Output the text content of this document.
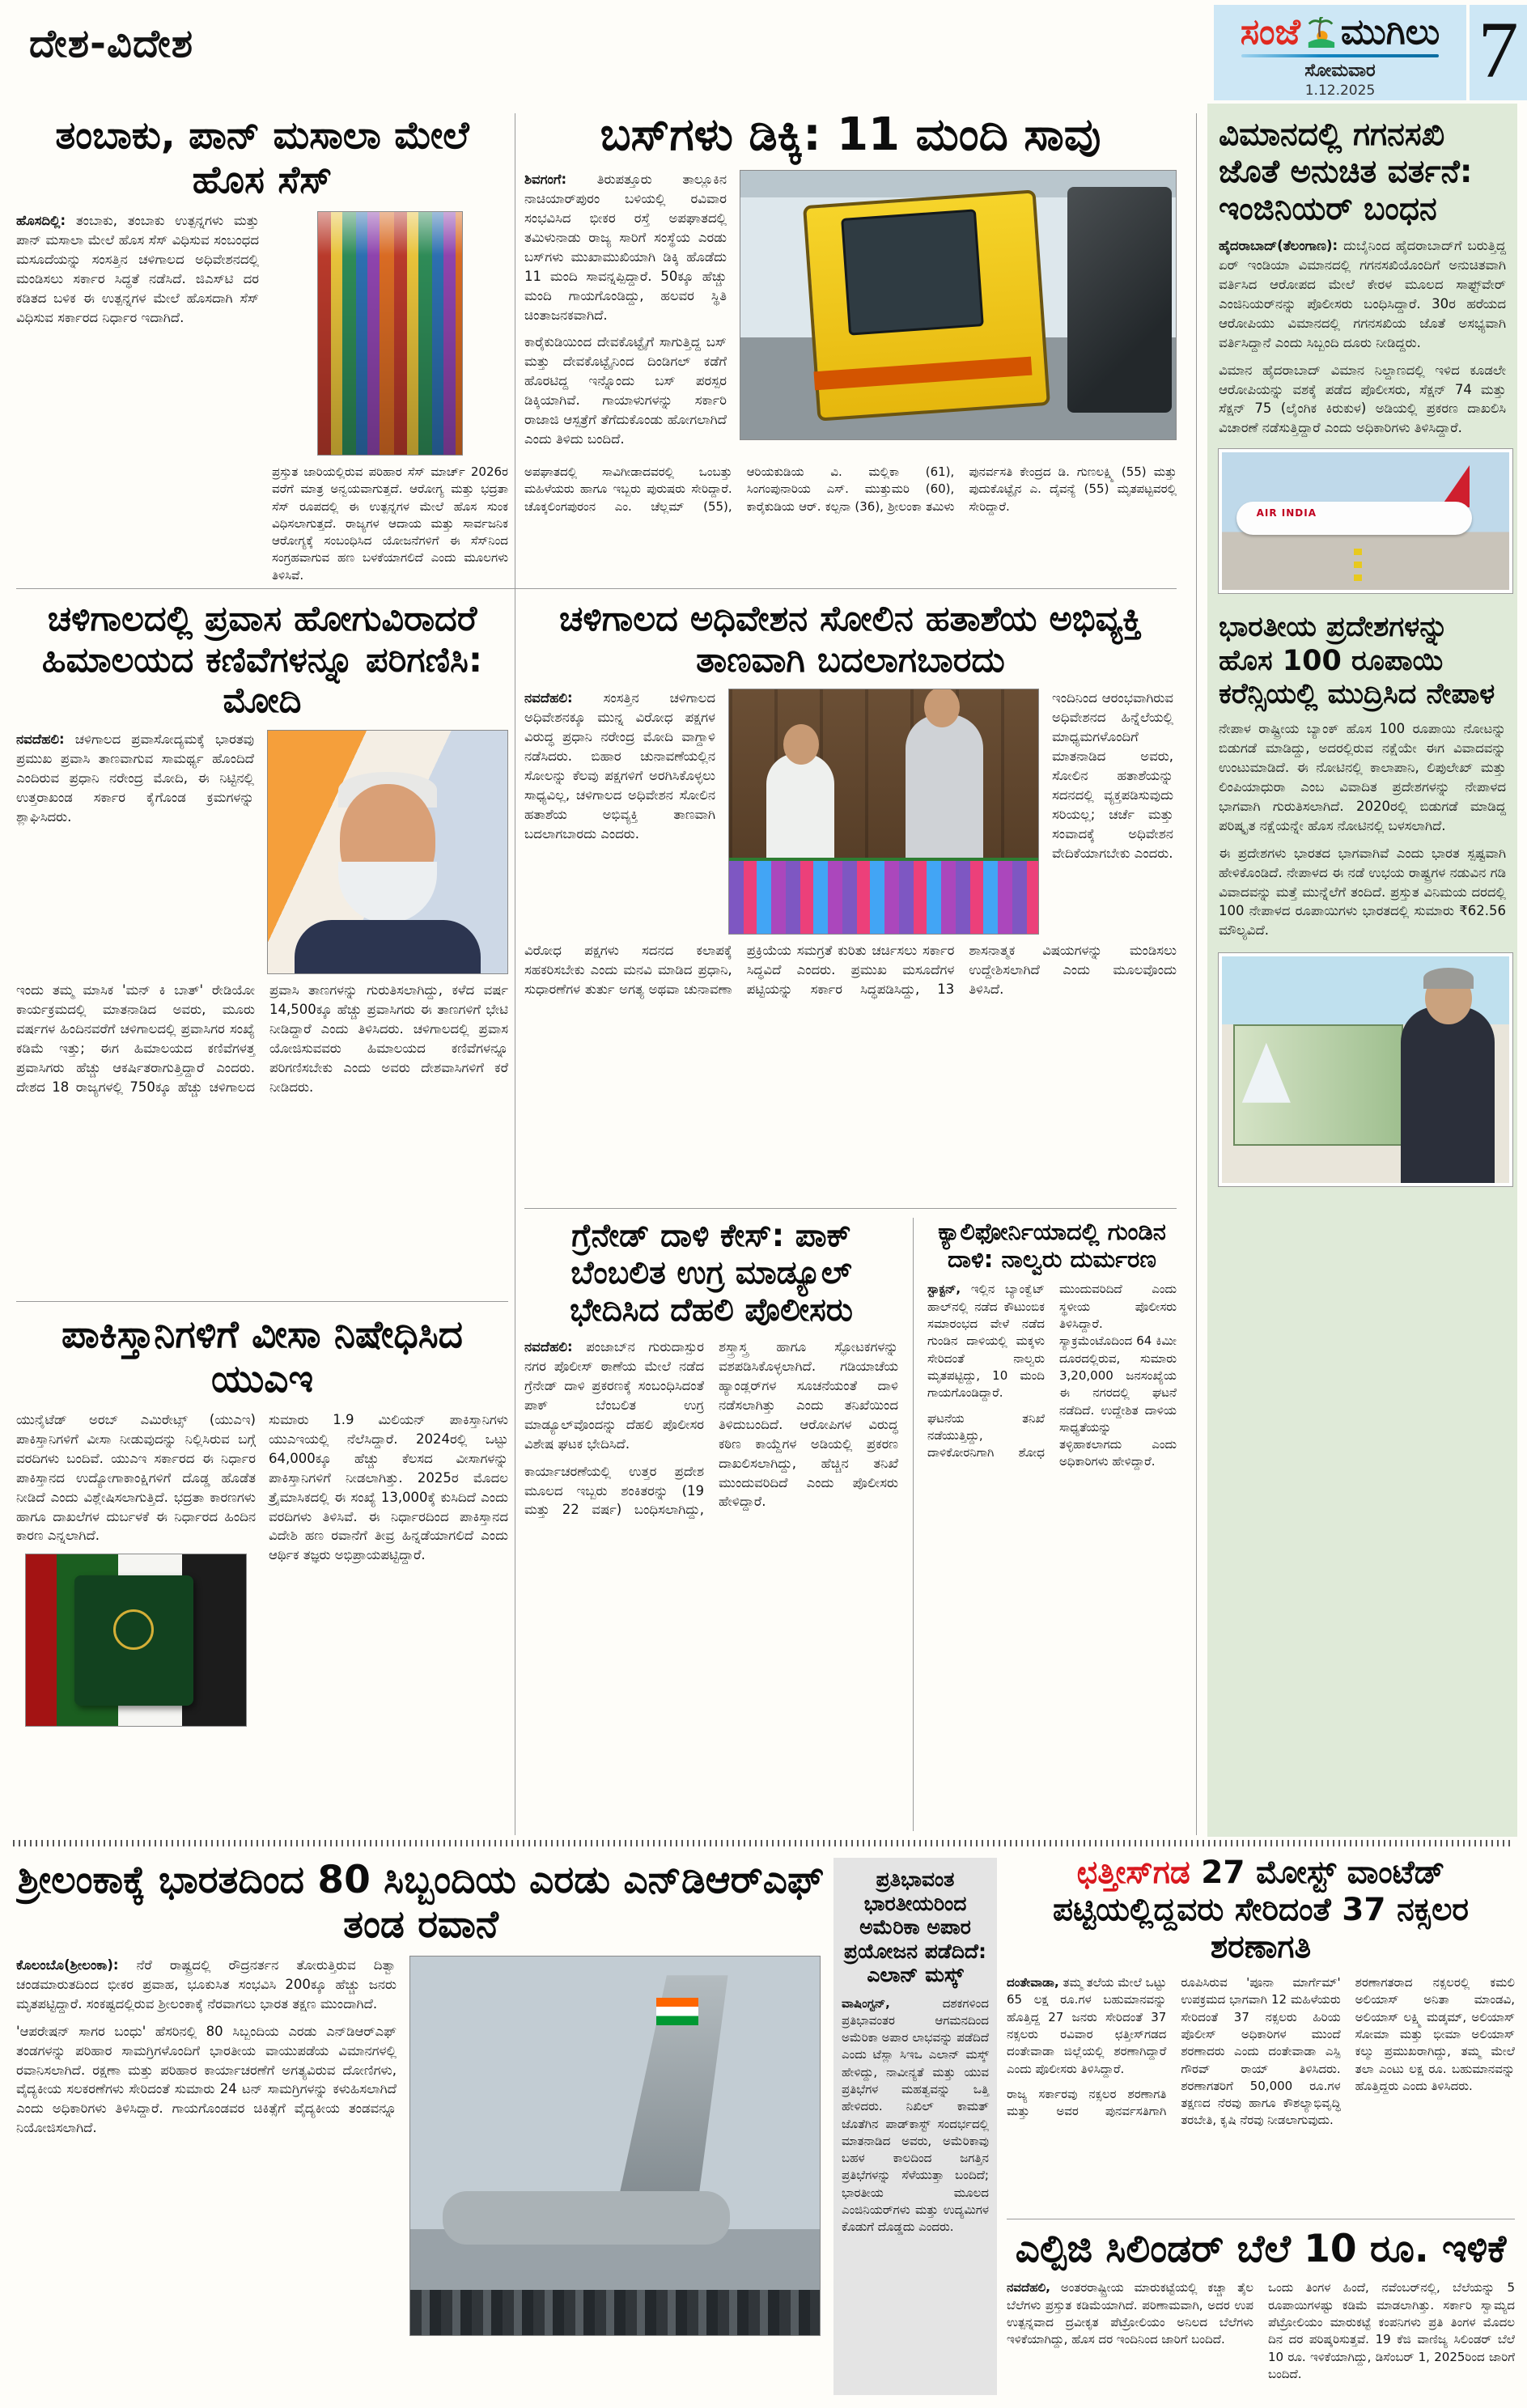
ದೇಶ-ವಿದೇಶ	ಸಂಜೆ ಮುಗಿಲು
ಸೋಮವಾರ
1.12.2025	7
ತಂಬಾಕು, ಪಾನ್ ಮಸಾಲಾ ಮೇಲೆ ಹೊಸ ಸೆಸ್

ಹೊಸದಿಲ್ಲಿ: ತಂಬಾಕು, ತಂಬಾಕು ಉತ್ಪನ್ನಗಳು ಮತ್ತು ಪಾನ್ ಮಸಾಲಾ ಮೇಲೆ ಹೊಸ ಸೆಸ್ ವಿಧಿಸುವ ಸಂಬಂಧದ ಮಸೂದೆಯನ್ನು ಸಂಸತ್ತಿನ ಚಳಿಗಾಲದ ಅಧಿವೇಶನದಲ್ಲಿ ಮಂಡಿಸಲು ಸರ್ಕಾರ ಸಿದ್ಧತೆ ನಡೆಸಿದೆ. ಜಿಎಸ್‌ಟಿ ದರ ಕಡಿತದ ಬಳಿಕ ಈ ಉತ್ಪನ್ನಗಳ ಮೇಲೆ ಹೊಸದಾಗಿ ಸೆಸ್ ವಿಧಿಸುವ ಸರ್ಕಾರದ ನಿರ್ಧಾರ ಇದಾಗಿದೆ.

ಪ್ರಸ್ತುತ ಜಾರಿಯಲ್ಲಿರುವ ಪರಿಹಾರ ಸೆಸ್ ಮಾರ್ಚ್ 2026ರ ವರೆಗೆ ಮಾತ್ರ ಅನ್ವಯವಾಗುತ್ತದೆ. ಆರೋಗ್ಯ ಮತ್ತು ಭದ್ರತಾ ಸೆಸ್ ರೂಪದಲ್ಲಿ ಈ ಉತ್ಪನ್ನಗಳ ಮೇಲೆ ಹೊಸ ಸುಂಕ ವಿಧಿಸಲಾಗುತ್ತದೆ. ರಾಜ್ಯಗಳ ಆದಾಯ ಮತ್ತು ಸಾರ್ವಜನಿಕ ಆರೋಗ್ಯಕ್ಕೆ ಸಂಬಂಧಿಸಿದ ಯೋಜನೆಗಳಿಗೆ ಈ ಸೆಸ್‌ನಿಂದ ಸಂಗ್ರಹವಾಗುವ ಹಣ ಬಳಕೆಯಾಗಲಿದೆ ಎಂದು ಮೂಲಗಳು ತಿಳಿಸಿವೆ.

ಬಸ್‌ಗಳು ಡಿಕ್ಕಿ: 11 ಮಂದಿ ಸಾವು

ಶಿವಗಂಗೆ: ತಿರುಪತ್ತೂರು ತಾಲ್ಲೂಕಿನ ನಾಚಿಯಾರ್‌ಪುರಂ ಬಳಿಯಲ್ಲಿ ರವಿವಾರ ಸಂಭವಿಸಿದ ಭೀಕರ ರಸ್ತೆ ಅಪಘಾತದಲ್ಲಿ ತಮಿಳುನಾಡು ರಾಜ್ಯ ಸಾರಿಗೆ ಸಂಸ್ಥೆಯ ಎರಡು ಬಸ್‌ಗಳು ಮುಖಾಮುಖಿಯಾಗಿ ಡಿಕ್ಕಿ ಹೊಡೆದು 11 ಮಂದಿ ಸಾವನ್ನಪ್ಪಿದ್ದಾರೆ. 50ಕ್ಕೂ ಹೆಚ್ಚು ಮಂದಿ ಗಾಯಗೊಂಡಿದ್ದು, ಹಲವರ ಸ್ಥಿತಿ ಚಿಂತಾಜನಕವಾಗಿದೆ.

ಕಾರೈಕುಡಿಯಿಂದ ದೇವಕೊಟ್ಟೈಗೆ ಸಾಗುತ್ತಿದ್ದ ಬಸ್ ಮತ್ತು ದೇವಕೊಟ್ಟೈನಿಂದ ದಿಂಡಿಗಲ್ ಕಡೆಗೆ ಹೊರಟಿದ್ದ ಇನ್ನೊಂದು ಬಸ್ ಪರಸ್ಪರ ಡಿಕ್ಕಿಯಾಗಿವೆ. ಗಾಯಾಳುಗಳನ್ನು ಸರ್ಕಾರಿ ರಾಜಾಜಿ ಆಸ್ಪತ್ರೆಗೆ ತೆಗೆದುಕೊಂಡು ಹೋಗಲಾಗಿದೆ ಎಂದು ತಿಳಿದು ಬಂದಿದೆ.

ಅಪಘಾತದಲ್ಲಿ ಸಾವಿಗೀಡಾದವರಲ್ಲಿ ಒಂಬತ್ತು ಮಹಿಳೆಯರು ಹಾಗೂ ಇಬ್ಬರು ಪುರುಷರು ಸೇರಿದ್ದಾರೆ. ಚೊಕ್ಕಲಿಂಗಪುರಂನ ಎಂ. ಚೆಲ್ಲಮ್ (55), ಆರಿಯಕುಡಿಯ ವಿ. ಮಲ್ಲಿಕಾ (61), ಸಿಂಗಂಪುನಾರಿಯ ಎಸ್. ಮುತ್ತುಮರಿ (60), ಕಾರೈಕುಡಿಯ ಆರ್. ಕಲ್ಪನಾ (36), ಶ್ರೀಲಂಕಾ ತಮಿಳು ಪುನರ್ವಸತಿ ಕೇಂದ್ರದ ಡಿ. ಗುಣಲಕ್ಷ್ಮಿ (55) ಮತ್ತು ಪುದುಕೊಟ್ಟೈನ ಎ. ದೈವನ್ಯೆ (55) ಮೃತಪಟ್ಟವರಲ್ಲಿ ಸೇರಿದ್ದಾರೆ.
ವಿಮಾನದಲ್ಲಿ ಗಗನಸಖಿ ಜೊತೆ ಅನುಚಿತ ವರ್ತನೆ: ಇಂಜಿನಿಯರ್ ಬಂಧನ

ಹೈದರಾಬಾದ್(ತೆಲಂಗಾಣ): ದುಬೈನಿಂದ ಹೈದರಾಬಾದ್‌ಗೆ ಬರುತ್ತಿದ್ದ ಏರ್ ಇಂಡಿಯಾ ವಿಮಾನದಲ್ಲಿ ಗಗನಸಖಿಯೊಂದಿಗೆ ಅನುಚಿತವಾಗಿ ವರ್ತಿಸಿದ ಆರೋಪದ ಮೇಲೆ ಕೇರಳ ಮೂಲದ ಸಾಫ್ಟ್‌ವೇರ್ ಎಂಜಿನಿಯರ್‌ನನ್ನು ಪೊಲೀಸರು ಬಂಧಿಸಿದ್ದಾರೆ. 30ರ ಹರೆಯದ ಆರೋಪಿಯು ವಿಮಾನದಲ್ಲಿ ಗಗನಸಖಿಯ ಜೊತೆ ಅಸಭ್ಯವಾಗಿ ವರ್ತಿಸಿದ್ದಾನೆ ಎಂದು ಸಿಬ್ಬಂದಿ ದೂರು ನೀಡಿದ್ದರು.

ವಿಮಾನ ಹೈದರಾಬಾದ್ ವಿಮಾನ ನಿಲ್ದಾಣದಲ್ಲಿ ಇಳಿದ ಕೂಡಲೇ ಆರೋಪಿಯನ್ನು ವಶಕ್ಕೆ ಪಡೆದ ಪೊಲೀಸರು, ಸೆಕ್ಷನ್ 74 ಮತ್ತು ಸೆಕ್ಷನ್ 75 (ಲೈಂಗಿಕ ಕಿರುಕುಳ) ಅಡಿಯಲ್ಲಿ ಪ್ರಕರಣ ದಾಖಲಿಸಿ ವಿಚಾರಣೆ ನಡೆಸುತ್ತಿದ್ದಾರೆ ಎಂದು ಅಧಿಕಾರಿಗಳು ತಿಳಿಸಿದ್ದಾರೆ.

AIR INDIA
ಭಾರತೀಯ ಪ್ರದೇಶಗಳನ್ನು ಹೊಸ 100 ರೂಪಾಯಿ ಕರೆನ್ಸಿಯಲ್ಲಿ ಮುದ್ರಿಸಿದ ನೇಪಾಳ

ನೇಪಾಳ ರಾಷ್ಟ್ರೀಯ ಬ್ಯಾಂಕ್ ಹೊಸ 100 ರೂಪಾಯಿ ನೋಟನ್ನು ಬಿಡುಗಡೆ ಮಾಡಿದ್ದು, ಅದರಲ್ಲಿರುವ ನಕ್ಷೆಯೇ ಈಗ ವಿವಾದವನ್ನು ಉಂಟುಮಾಡಿದೆ. ಈ ನೋಟಿನಲ್ಲಿ ಕಾಲಾಪಾನಿ, ಲಿಪುಲೇಖ್ ಮತ್ತು ಲಿಂಪಿಯಾಧುರಾ ಎಂಬ ವಿವಾದಿತ ಪ್ರದೇಶಗಳನ್ನು ನೇಪಾಳದ ಭಾಗವಾಗಿ ಗುರುತಿಸಲಾಗಿದೆ. 2020ರಲ್ಲಿ ಬಿಡುಗಡೆ ಮಾಡಿದ್ದ ಪರಿಷ್ಕೃತ ನಕ್ಷೆಯನ್ನೇ ಹೊಸ ನೋಟಿನಲ್ಲಿ ಬಳಸಲಾಗಿದೆ.

ಈ ಪ್ರದೇಶಗಳು ಭಾರತದ ಭಾಗವಾಗಿವೆ ಎಂದು ಭಾರತ ಸ್ಪಷ್ಟವಾಗಿ ಹೇಳಿಕೊಂಡಿದೆ. ನೇಪಾಳದ ಈ ನಡೆ ಉಭಯ ರಾಷ್ಟ್ರಗಳ ನಡುವಿನ ಗಡಿ ವಿವಾದವನ್ನು ಮತ್ತೆ ಮುನ್ನೆಲೆಗೆ ತಂದಿದೆ. ಪ್ರಸ್ತುತ ವಿನಿಮಯ ದರದಲ್ಲಿ 100 ನೇಪಾಳದ ರೂಪಾಯಿಗಳು ಭಾರತದಲ್ಲಿ ಸುಮಾರು ₹62.56 ಮೌಲ್ಯವಿದೆ.

ಚಳಿಗಾಲದಲ್ಲಿ ಪ್ರವಾಸ ಹೋಗುವಿರಾದರೆ ಹಿಮಾಲಯದ ಕಣಿವೆಗಳನ್ನೂ ಪರಿಗಣಿಸಿ: ಮೋದಿ

ನವದೆಹಲಿ: ಚಳಿಗಾಲದ ಪ್ರವಾಸೋದ್ಯಮಕ್ಕೆ ಭಾರತವು ಪ್ರಮುಖ ಪ್ರವಾಸಿ ತಾಣವಾಗುವ ಸಾಮರ್ಥ್ಯ ಹೊಂದಿದೆ ಎಂದಿರುವ ಪ್ರಧಾನಿ ನರೇಂದ್ರ ಮೋದಿ, ಈ ನಿಟ್ಟಿನಲ್ಲಿ ಉತ್ತರಾಖಂಡ ಸರ್ಕಾರ ಕೈಗೊಂಡ ಕ್ರಮಗಳನ್ನು ಶ್ಲಾಘಿಸಿದರು.

ಇಂದು ತಮ್ಮ ಮಾಸಿಕ 'ಮನ್ ಕಿ ಬಾತ್' ರೇಡಿಯೋ ಕಾರ್ಯಕ್ರಮದಲ್ಲಿ ಮಾತನಾಡಿದ ಅವರು, ಮೂರು ವರ್ಷಗಳ ಹಿಂದಿನವರೆಗೆ ಚಳಿಗಾಲದಲ್ಲಿ ಪ್ರವಾಸಿಗರ ಸಂಖ್ಯೆ ಕಡಿಮೆ ಇತ್ತು; ಈಗ ಹಿಮಾಲಯದ ಕಣಿವೆಗಳತ್ತ ಪ್ರವಾಸಿಗರು ಹೆಚ್ಚು ಆಕರ್ಷಿತರಾಗುತ್ತಿದ್ದಾರೆ ಎಂದರು. ದೇಶದ 18 ರಾಜ್ಯಗಳಲ್ಲಿ 750ಕ್ಕೂ ಹೆಚ್ಚು ಚಳಿಗಾಲದ ಪ್ರವಾಸಿ ತಾಣಗಳನ್ನು ಗುರುತಿಸಲಾಗಿದ್ದು, ಕಳೆದ ವರ್ಷ 14,500ಕ್ಕೂ ಹೆಚ್ಚು ಪ್ರವಾಸಿಗರು ಈ ತಾಣಗಳಿಗೆ ಭೇಟಿ ನೀಡಿದ್ದಾರೆ ಎಂದು ತಿಳಿಸಿದರು. ಚಳಿಗಾಲದಲ್ಲಿ ಪ್ರವಾಸ ಯೋಜಿಸುವವರು ಹಿಮಾಲಯದ ಕಣಿವೆಗಳನ್ನೂ ಪರಿಗಣಿಸಬೇಕು ಎಂದು ಅವರು ದೇಶವಾಸಿಗಳಿಗೆ ಕರೆ ನೀಡಿದರು.
ಚಳಿಗಾಲದ ಅಧಿವೇಶನ ಸೋಲಿನ ಹತಾಶೆಯ ಅಭಿವ್ಯಕ್ತಿ ತಾಣವಾಗಿ ಬದಲಾಗಬಾರದು

ನವದೆಹಲಿ: ಸಂಸತ್ತಿನ ಚಳಿಗಾಲದ ಅಧಿವೇಶನಕ್ಕೂ ಮುನ್ನ ವಿರೋಧ ಪಕ್ಷಗಳ ವಿರುದ್ಧ ಪ್ರಧಾನಿ ನರೇಂದ್ರ ಮೋದಿ ವಾಗ್ದಾಳಿ ನಡೆಸಿದರು. ಬಿಹಾರ ಚುನಾವಣೆಯಲ್ಲಿನ ಸೋಲನ್ನು ಕೆಲವು ಪಕ್ಷಗಳಿಗೆ ಅರಗಿಸಿಕೊಳ್ಳಲು ಸಾಧ್ಯವಿಲ್ಲ, ಚಳಿಗಾಲದ ಅಧಿವೇಶನ ಸೋಲಿನ ಹತಾಶೆಯ ಅಭಿವ್ಯಕ್ತಿ ತಾಣವಾಗಿ ಬದಲಾಗಬಾರದು ಎಂದರು.

ಇಂದಿನಿಂದ ಆರಂಭವಾಗಿರುವ ಅಧಿವೇಶನದ ಹಿನ್ನೆಲೆಯಲ್ಲಿ ಮಾಧ್ಯಮಗಳೊಂದಿಗೆ ಮಾತನಾಡಿದ ಅವರು, ಸೋಲಿನ ಹತಾಶೆಯನ್ನು ಸದನದಲ್ಲಿ ವ್ಯಕ್ತಪಡಿಸುವುದು ಸರಿಯಲ್ಲ; ಚರ್ಚೆ ಮತ್ತು ಸಂವಾದಕ್ಕೆ ಅಧಿವೇಶನ ವೇದಿಕೆಯಾಗಬೇಕು ಎಂದರು.

ವಿರೋಧ ಪಕ್ಷಗಳು ಸದನದ ಕಲಾಪಕ್ಕೆ ಸಹಕರಿಸಬೇಕು ಎಂದು ಮನವಿ ಮಾಡಿದ ಪ್ರಧಾನಿ, ಸುಧಾರಣೆಗಳ ತುರ್ತು ಅಗತ್ಯ ಅಥವಾ ಚುನಾವಣಾ ಪ್ರಕ್ರಿಯೆಯ ಸಮಗ್ರತೆ ಕುರಿತು ಚರ್ಚಿಸಲು ಸರ್ಕಾರ ಸಿದ್ಧವಿದೆ ಎಂದರು. ಪ್ರಮುಖ ಮಸೂದೆಗಳ ಪಟ್ಟಿಯನ್ನು ಸರ್ಕಾರ ಸಿದ್ಧಪಡಿಸಿದ್ದು, 13 ಶಾಸನಾತ್ಮಕ ವಿಷಯಗಳನ್ನು ಮಂಡಿಸಲು ಉದ್ದೇಶಿಸಲಾಗಿದೆ ಎಂದು ಮೂಲವೊಂದು ತಿಳಿಸಿದೆ.
ಗ್ರೆನೇಡ್ ದಾಳಿ ಕೇಸ್: ಪಾಕ್ ಬೆಂಬಲಿತ ಉಗ್ರ ಮಾಡ್ಯೂಲ್ ಭೇದಿಸಿದ ದೆಹಲಿ ಪೊಲೀಸರು

ನವದೆಹಲಿ: ಪಂಜಾಬ್‌ನ ಗುರುದಾಸ್ಪುರ ನಗರ ಪೊಲೀಸ್ ಠಾಣೆಯ ಮೇಲೆ ನಡೆದ ಗ್ರೆನೇಡ್ ದಾಳಿ ಪ್ರಕರಣಕ್ಕೆ ಸಂಬಂಧಿಸಿದಂತೆ ಪಾಕ್ ಬೆಂಬಲಿತ ಉಗ್ರ ಮಾಡ್ಯೂಲ್‌ವೊಂದನ್ನು ದೆಹಲಿ ಪೊಲೀಸರ ವಿಶೇಷ ಘಟಕ ಭೇದಿಸಿದೆ.

ಕಾರ್ಯಾಚರಣೆಯಲ್ಲಿ ಉತ್ತರ ಪ್ರದೇಶ ಮೂಲದ ಇಬ್ಬರು ಶಂಕಿತರನ್ನು (19 ಮತ್ತು 22 ವರ್ಷ) ಬಂಧಿಸಲಾಗಿದ್ದು, ಶಸ್ತ್ರಾಸ್ತ್ರ ಹಾಗೂ ಸ್ಫೋಟಕಗಳನ್ನು ವಶಪಡಿಸಿಕೊಳ್ಳಲಾಗಿದೆ. ಗಡಿಯಾಚೆಯ ಹ್ಯಾಂಡ್ಲರ್‌ಗಳ ಸೂಚನೆಯಂತೆ ದಾಳಿ ನಡೆಸಲಾಗಿತ್ತು ಎಂದು ತನಿಖೆಯಿಂದ ತಿಳಿದುಬಂದಿದೆ. ಆರೋಪಿಗಳ ವಿರುದ್ಧ ಕಠಿಣ ಕಾಯ್ದೆಗಳ ಅಡಿಯಲ್ಲಿ ಪ್ರಕರಣ ದಾಖಲಿಸಲಾಗಿದ್ದು, ಹೆಚ್ಚಿನ ತನಿಖೆ ಮುಂದುವರಿದಿದೆ ಎಂದು ಪೊಲೀಸರು ಹೇಳಿದ್ದಾರೆ.

ಕ್ಯಾಲಿಫೋರ್ನಿಯಾದಲ್ಲಿ ಗುಂಡಿನ ದಾಳಿ: ನಾಲ್ವರು ದುರ್ಮರಣ

ಸ್ಟಾಕ್ಟನ್, ಇಲ್ಲಿನ ಬ್ಯಾಂಕ್ವೆಟ್ ಹಾಲ್‌ನಲ್ಲಿ ನಡೆದ ಕೌಟುಂಬಿಕ ಸಮಾರಂಭದ ವೇಳೆ ನಡೆದ ಗುಂಡಿನ ದಾಳಿಯಲ್ಲಿ ಮಕ್ಕಳು ಸೇರಿದಂತೆ ನಾಲ್ವರು ಮೃತಪಟ್ಟಿದ್ದು, 10 ಮಂದಿ ಗಾಯಗೊಂಡಿದ್ದಾರೆ.

ಘಟನೆಯ ತನಿಖೆ ನಡೆಯುತ್ತಿದ್ದು, ದಾಳಿಕೋರನಿಗಾಗಿ ಶೋಧ ಮುಂದುವರಿದಿದೆ ಎಂದು ಸ್ಥಳೀಯ ಪೊಲೀಸರು ತಿಳಿಸಿದ್ದಾರೆ. ಸ್ಯಾಕ್ರಮೆಂಟೊದಿಂದ 64 ಕಿಮೀ ದೂರದಲ್ಲಿರುವ, ಸುಮಾರು 3,20,000 ಜನಸಂಖ್ಯೆಯ ಈ ನಗರದಲ್ಲಿ ಘಟನೆ ನಡೆದಿದೆ. ಉದ್ದೇಶಿತ ದಾಳಿಯ ಸಾಧ್ಯತೆಯನ್ನು ತಳ್ಳಿಹಾಕಲಾಗದು ಎಂದು ಅಧಿಕಾರಿಗಳು ಹೇಳಿದ್ದಾರೆ.

ಪಾಕಿಸ್ತಾನಿಗಳಿಗೆ ವೀಸಾ ನಿಷೇಧಿಸಿದ ಯುಎಇ

ಯುನೈಟೆಡ್ ಅರಬ್ ಎಮಿರೇಟ್ಸ್ (ಯುಎಇ) ಪಾಕಿಸ್ತಾನಿಗಳಿಗೆ ವೀಸಾ ನೀಡುವುದನ್ನು ನಿಲ್ಲಿಸಿರುವ ಬಗ್ಗೆ ವರದಿಗಳು ಬಂದಿವೆ. ಯುಎಇ ಸರ್ಕಾರದ ಈ ನಿರ್ಧಾರ ಪಾಕಿಸ್ತಾನದ ಉದ್ಯೋಗಾಕಾಂಕ್ಷಿಗಳಿಗೆ ದೊಡ್ಡ ಹೊಡೆತ ನೀಡಿದೆ ಎಂದು ವಿಶ್ಲೇಷಿಸಲಾಗುತ್ತಿದೆ. ಭದ್ರತಾ ಕಾರಣಗಳು ಹಾಗೂ ದಾಖಲೆಗಳ ದುರ್ಬಳಕೆ ಈ ನಿರ್ಧಾರದ ಹಿಂದಿನ ಕಾರಣ ಎನ್ನಲಾಗಿದೆ.

ಸುಮಾರು 1.9 ಮಿಲಿಯನ್ ಪಾಕಿಸ್ತಾನಿಗಳು ಯುಎಇಯಲ್ಲಿ ನೆಲೆಸಿದ್ದಾರೆ. 2024ರಲ್ಲಿ ಒಟ್ಟು 64,000ಕ್ಕೂ ಹೆಚ್ಚು ಕೆಲಸದ ವೀಸಾಗಳನ್ನು ಪಾಕಿಸ್ತಾನಿಗಳಿಗೆ ನೀಡಲಾಗಿತ್ತು. 2025ರ ಮೊದಲ ತ್ರೈಮಾಸಿಕದಲ್ಲಿ ಈ ಸಂಖ್ಯೆ 13,000ಕ್ಕೆ ಕುಸಿದಿದೆ ಎಂದು ವರದಿಗಳು ತಿಳಿಸಿವೆ. ಈ ನಿರ್ಧಾರದಿಂದ ಪಾಕಿಸ್ತಾನದ ವಿದೇಶಿ ಹಣ ರವಾನೆಗೆ ತೀವ್ರ ಹಿನ್ನಡೆಯಾಗಲಿದೆ ಎಂದು ಆರ್ಥಿಕ ತಜ್ಞರು ಅಭಿಪ್ರಾಯಪಟ್ಟಿದ್ದಾರೆ.

ಶ್ರೀಲಂಕಾಕ್ಕೆ ಭಾರತದಿಂದ 80 ಸಿಬ್ಬಂದಿಯ ಎರಡು ಎನ್‌ಡಿಆರ್‌ಎಫ್ ತಂಡ ರವಾನೆ

ಕೊಲಂಬೊ(ಶ್ರೀಲಂಕಾ): ನೆರೆ ರಾಷ್ಟ್ರದಲ್ಲಿ ರೌದ್ರನರ್ತನ ತೋರುತ್ತಿರುವ ದಿತ್ವಾ ಚಂಡಮಾರುತದಿಂದ ಭೀಕರ ಪ್ರವಾಹ, ಭೂಕುಸಿತ ಸಂಭವಿಸಿ 200ಕ್ಕೂ ಹೆಚ್ಚು ಜನರು ಮೃತಪಟ್ಟಿದ್ದಾರೆ. ಸಂಕಷ್ಟದಲ್ಲಿರುವ ಶ್ರೀಲಂಕಾಕ್ಕೆ ನೆರವಾಗಲು ಭಾರತ ತಕ್ಷಣ ಮುಂದಾಗಿದೆ.

'ಆಪರೇಷನ್ ಸಾಗರ ಬಂಧು' ಹೆಸರಿನಲ್ಲಿ 80 ಸಿಬ್ಬಂದಿಯ ಎರಡು ಎನ್‌ಡಿಆರ್‌ಎಫ್ ತಂಡಗಳನ್ನು ಪರಿಹಾರ ಸಾಮಗ್ರಿಗಳೊಂದಿಗೆ ಭಾರತೀಯ ವಾಯುಪಡೆಯ ವಿಮಾನಗಳಲ್ಲಿ ರವಾನಿಸಲಾಗಿದೆ. ರಕ್ಷಣಾ ಮತ್ತು ಪರಿಹಾರ ಕಾರ್ಯಾಚರಣೆಗೆ ಅಗತ್ಯವಿರುವ ದೋಣಿಗಳು, ವೈದ್ಯಕೀಯ ಸಲಕರಣೆಗಳು ಸೇರಿದಂತೆ ಸುಮಾರು 24 ಟನ್ ಸಾಮಗ್ರಿಗಳನ್ನು ಕಳುಹಿಸಲಾಗಿದೆ ಎಂದು ಅಧಿಕಾರಿಗಳು ತಿಳಿಸಿದ್ದಾರೆ. ಗಾಯಗೊಂಡವರ ಚಿಕಿತ್ಸೆಗೆ ವೈದ್ಯಕೀಯ ತಂಡವನ್ನೂ ನಿಯೋಜಿಸಲಾಗಿದೆ.

ಪ್ರತಿಭಾವಂತ ಭಾರತೀಯರಿಂದ ಅಮೆರಿಕಾ ಅಪಾರ ಪ್ರಯೋಜನ ಪಡೆದಿದೆ: ಎಲಾನ್ ಮಸ್ಕ್

ವಾಷಿಂಗ್ಟನ್,	ದಶಕಗಳಿಂದ ಪ್ರತಿಭಾವಂತರ ಆಗಮನದಿಂದ ಅಮೆರಿಕಾ ಅಪಾರ ಲಾಭವನ್ನು ಪಡೆದಿದೆ ಎಂದು ಟೆಸ್ಲಾ ಸಿಇಒ ಎಲಾನ್ ಮಸ್ಕ್ ಹೇಳಿದ್ದು, ನಾವೀನ್ಯತೆ ಮತ್ತು ಯುವ ಪ್ರತಿಭೆಗಳ ಮಹತ್ವವನ್ನು ಒತ್ತಿ ಹೇಳಿದರು. ನಿಖಿಲ್ ಕಾಮತ್ ಜೊತೆಗಿನ ಪಾಡ್‌ಕಾಸ್ಟ್ ಸಂದರ್ಭದಲ್ಲಿ ಮಾತನಾಡಿದ ಅವರು, ಅಮೆರಿಕಾವು ಬಹಳ ಕಾಲದಿಂದ ಜಗತ್ತಿನ ಪ್ರತಿಭೆಗಳನ್ನು ಸೆಳೆಯುತ್ತಾ ಬಂದಿದೆ; ಭಾರತೀಯ ಮೂಲದ ಎಂಜಿನಿಯರ್‌ಗಳು ಮತ್ತು ಉದ್ಯಮಿಗಳ ಕೊಡುಗೆ ದೊಡ್ಡದು ಎಂದರು.

ಛತ್ತೀಸ್‌ಗಡ 27 ಮೋಸ್ಟ್ ವಾಂಟೆಡ್
ಪಟ್ಟಿಯಲ್ಲಿದ್ದವರು ಸೇರಿದಂತೆ 37 ನಕ್ಸಲರ ಶರಣಾಗತಿ

ದಂತೇವಾಡಾ, ತಮ್ಮ ತಲೆಯ ಮೇಲೆ ಒಟ್ಟು 65 ಲಕ್ಷ ರೂ.ಗಳ ಬಹುಮಾನವನ್ನು ಹೊತ್ತಿದ್ದ 27 ಜನರು ಸೇರಿದಂತೆ 37 ನಕ್ಸಲರು ರವಿವಾರ ಛತ್ತೀಸ್‌ಗಡದ ದಂತೇವಾಡಾ ಜಿಲ್ಲೆಯಲ್ಲಿ ಶರಣಾಗಿದ್ದಾರೆ ಎಂದು ಪೊಲೀಸರು ತಿಳಿಸಿದ್ದಾರೆ.

ರಾಜ್ಯ ಸರ್ಕಾರವು ನಕ್ಸಲರ ಶರಣಾಗತಿ ಮತ್ತು ಅವರ ಪುನರ್ವಸತಿಗಾಗಿ ರೂಪಿಸಿರುವ 'ಪೂನಾ ಮಾರ್ಗೆಮ್' ಉಪಕ್ರಮದ ಭಾಗವಾಗಿ 12 ಮಹಿಳೆಯರು ಸೇರಿದಂತೆ 37 ನಕ್ಸಲರು ಹಿರಿಯ ಪೊಲೀಸ್ ಅಧಿಕಾರಿಗಳ ಮುಂದೆ ಶರಣಾದರು ಎಂದು ದಂತೇವಾಡಾ ಎಸ್ಪಿ ಗೌರವ್ ರಾಯ್ ತಿಳಿಸಿದರು. ಶರಣಾಗತರಿಗೆ 50,000 ರೂ.ಗಳ ತಕ್ಷಣದ ನೆರವು ಹಾಗೂ ಕೌಶಲ್ಯಾಭಿವೃದ್ಧಿ ತರಬೇತಿ, ಕೃಷಿ ನೆರವು ನೀಡಲಾಗುವುದು.

ಶರಣಾಗತರಾದ ನಕ್ಸಲರಲ್ಲಿ ಕಮಲಿ ಅಲಿಯಾಸ್ ಅನಿತಾ ಮಾಂಡವಿ, ಅಲಿಯಾಸ್ ಲಕ್ಷ್ಮಿ ಮಡ್ಕಮ್, ಅಲಿಯಾಸ್ ಸೋಮಾ ಮತ್ತು ಭೀಮಾ ಅಲಿಯಾಸ್ ಕಲ್ಮು ಪ್ರಮುಖರಾಗಿದ್ದು, ತಮ್ಮ ಮೇಲೆ ತಲಾ ಎಂಟು ಲಕ್ಷ ರೂ. ಬಹುಮಾನವನ್ನು ಹೊತ್ತಿದ್ದರು ಎಂದು ತಿಳಿಸಿದರು.

ಎಲ್ಪಿಜಿ ಸಿಲಿಂಡರ್ ಬೆಲೆ 10 ರೂ. ಇಳಿಕೆ

ನವದೆಹಲಿ, ಅಂತರರಾಷ್ಟ್ರೀಯ ಮಾರುಕಟ್ಟೆಯಲ್ಲಿ ಕಚ್ಚಾ ತೈಲ ಬೆಲೆಗಳು ಪ್ರಸ್ತುತ ಕಡಿಮೆಯಾಗಿದೆ. ಪರಿಣಾಮವಾಗಿ, ಅದರ ಉಪ ಉತ್ಪನ್ನವಾದ ದ್ರವೀಕೃತ ಪೆಟ್ರೋಲಿಯಂ ಅನಿಲದ ಬೆಲೆಗಳು ಇಳಿಕೆಯಾಗಿದ್ದು, ಹೊಸ ದರ ಇಂದಿನಿಂದ ಜಾರಿಗೆ ಬಂದಿದೆ.

ಒಂದು ತಿಂಗಳ ಹಿಂದೆ, ನವೆಂಬರ್‌ನಲ್ಲಿ, ಬೆಲೆಯನ್ನು 5 ರೂಪಾಯಿಗಳಷ್ಟು ಕಡಿಮೆ ಮಾಡಲಾಗಿತ್ತು. ಸರ್ಕಾರಿ ಸ್ವಾಮ್ಯದ ಪೆಟ್ರೋಲಿಯಂ ಮಾರುಕಟ್ಟೆ ಕಂಪನಿಗಳು ಪ್ರತಿ ತಿಂಗಳ ಮೊದಲ ದಿನ ದರ ಪರಿಷ್ಕರಿಸುತ್ತವೆ. 19 ಕೆಜಿ ವಾಣಿಜ್ಯ ಸಿಲಿಂಡರ್ ಬೆಲೆ 10 ರೂ. ಇಳಿಕೆಯಾಗಿದ್ದು, ಡಿಸೆಂಬರ್ 1, 2025ರಿಂದ ಜಾರಿಗೆ ಬಂದಿದೆ.
